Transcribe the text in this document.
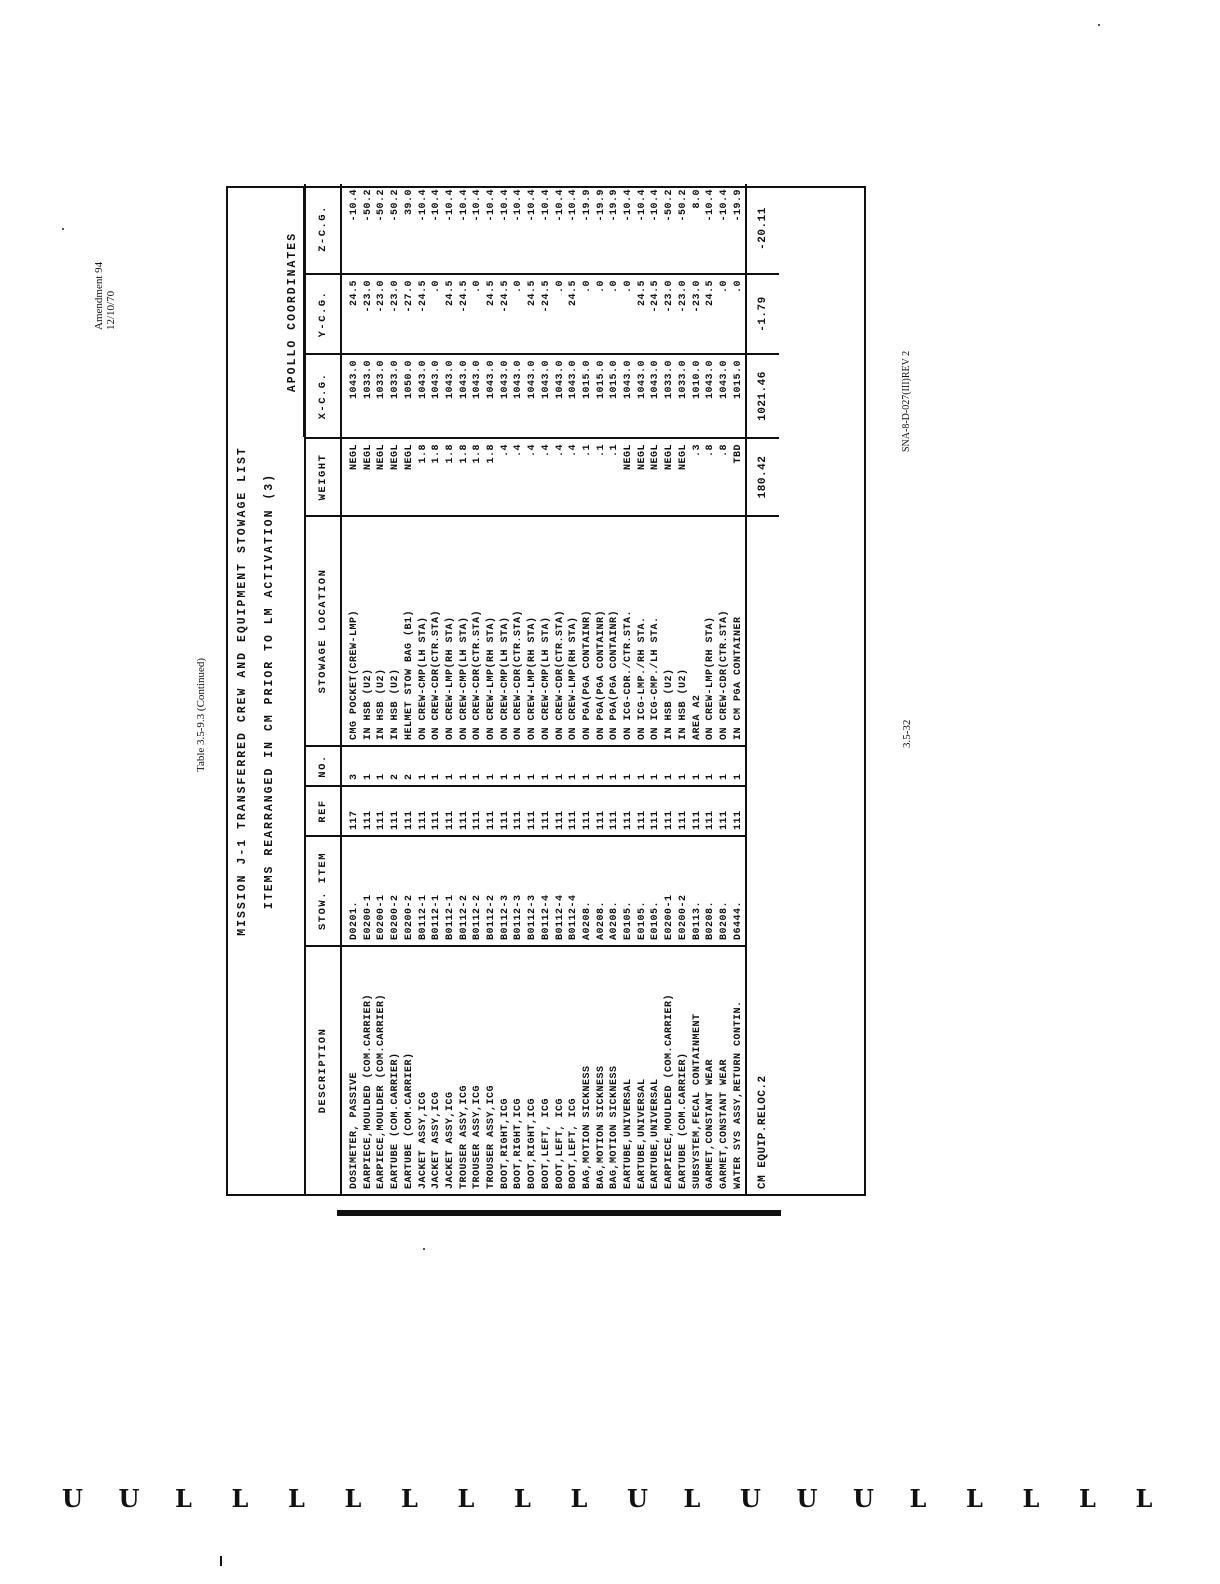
Amendment 94 12/10/70
Table 3.5-9.3 (Continued)	3.5-32
SNA-8-D-027(III)REV 2
MISSION J-1 TRANSFERRED CREW AND EQUIPMENT STOWAGE LIST	ITEMS REARRANGED IN CM PRIOR TO LM ACTIVATION (3)
APOLLO COORDINATES
DESCRIPTION	STOW. ITEM	REF	NO.	STOWAGE LOCATION	WEIGHT	X-C.G.	Y-C.G.	Z-C.G.
DOSIMETER, PASSIVE	D0201.	117	3	CMG POCKET(CREW-LMP)	NEGL	1043.0	24.5	-10.4
EARPIECE,MOULDED (COM.CARRIER)	E0200-1	111	1	IN HSB (U2)	NEGL	1033.0	-23.0	-50.2
EARPIECE,MOULDER (COM.CARRIER)	E0200-1	111	1	IN HSB (U2)	NEGL	1033.0	-23.0	-50.2
EARTUBE (COM.CARRIER)	E0200-2	111	2	IN HSB (U2)	NEGL	1033.0	-23.0	-50.2
EARTUBE (COM.CARRIER)	E0200-2	111	2	HELMET STOW BAG (B1)	NEGL	1050.0	-27.0	39.0
JACKET ASSY,ICG	B0112-1	111	1	ON CREW-CMP(LH STA)	1.8	1043.0	-24.5	-10.4
JACKET ASSY,ICG	B0112-1	111	1	ON CREW-CDR(CTR.STA)	1.8	1043.0	.0	-10.4
JACKET ASSY,ICG	B0112-1	111	1	ON CREW-LMP(RH STA)	1.8	1043.0	24.5	-10.4
TROUSER ASSY,ICG	B0112-2	111	1	ON CREW-CMP(LH STA)	1.8	1043.0	-24.5	-10.4
TROUSER ASSY,ICG	B0112-2	111	1	ON CREW-CDR(CTR.STA)	1.8	1043.0	.0	-10.4
TROUSER ASSY,ICG	B0112-2	111	1	ON CREW-LMP(RH STA)	1.8	1043.0	24.5	-10.4
BOOT,RIGHT,ICG	B0112-3	111	1	ON CREW-CMP(LH STA)	.4	1043.0	-24.5	-10.4
BOOT,RIGHT,ICG	B0112-3	111	1	ON CREW-CDR(CTR.STA)	.4	1043.0	.0	-10.4
BOOT,RIGHT,ICG	B0112-3	111	1	ON CREW-LMP(RH STA)	.4	1043.0	24.5	-10.4
BOOT,LEFT, ICG	B0112-4	111	1	ON CREW-CMP(LH STA)	.4	1043.0	-24.5	-10.4
BOOT,LEFT, ICG	B0112-4	111	1	ON CREW-CDR(CTR.STA)	.4	1043.0	.0	-10.4
BOOT,LEFT, ICG	B0112-4	111	1	ON CREW-LMP(RH STA)	.4	1043.0	24.5	-10.4
BAG,MOTION SICKNESS	A0208.	111	1	ON PGA(PGA CONTAINR)	.1	1015.0	.0	-19.9
BAG,MOTION SICKNESS	A0208.	111	1	ON PGA(PGA CONTAINR)	.1	1015.0	.0	-19.9
BAG,MOTION SICKNESS	A0208.	111	1	ON PGA(PGA CONTAINR)	.1	1015.0	.0	-19.9
EARTUBE,UNIVERSAL	E0105.	111	1	ON ICG-CDR./CTR.STA.	NEGL	1043.0	.0	-10.4
EARTUBE,UNIVERSAL	E0105.	111	1	ON ICG-LMP./RH STA.	NEGL	1043.0	24.5	-10.4
EARTUBE,UNIVERSAL	E0105.	111	1	ON ICG-CMP./LH STA.	NEGL	1043.0	-24.5	-10.4
EARPIECE,MOULDED (COM.CARRIER)	E0200-1	111	1	IN HSB (U2)	NEGL	1033.0	-23.0	-50.2
EARTUBE (COM.CARRIER)	E0200-2	111	1	IN HSB (U2)	NEGL	1033.0	-23.0	-50.2
SUBSYSTEM,FECAL CONTAINMENT	B0113.	111	1	AREA A2	.3	1010.0	-23.0	8.0
GARMET,CONSTANT WEAR	B0208.	111	1	ON CREW-LMP(RH STA)	.8	1043.0	24.5	-10.4
GARMET,CONSTANT WEAR	B0208.	111	1	ON CREW-CDR(CTR.STA)	.8	1043.0	.0	-10.4
WATER SYS ASSY,RETURN CONTIN.	D6444.	111	1	IN CM PGA CONTAINER	TBD	1015.0	.0	-19.9
CM EQUIP.RELOC.2					180.42	1021.46	-1.79	-20.11
U U L L L L L L L L U L U U U L L L L L
